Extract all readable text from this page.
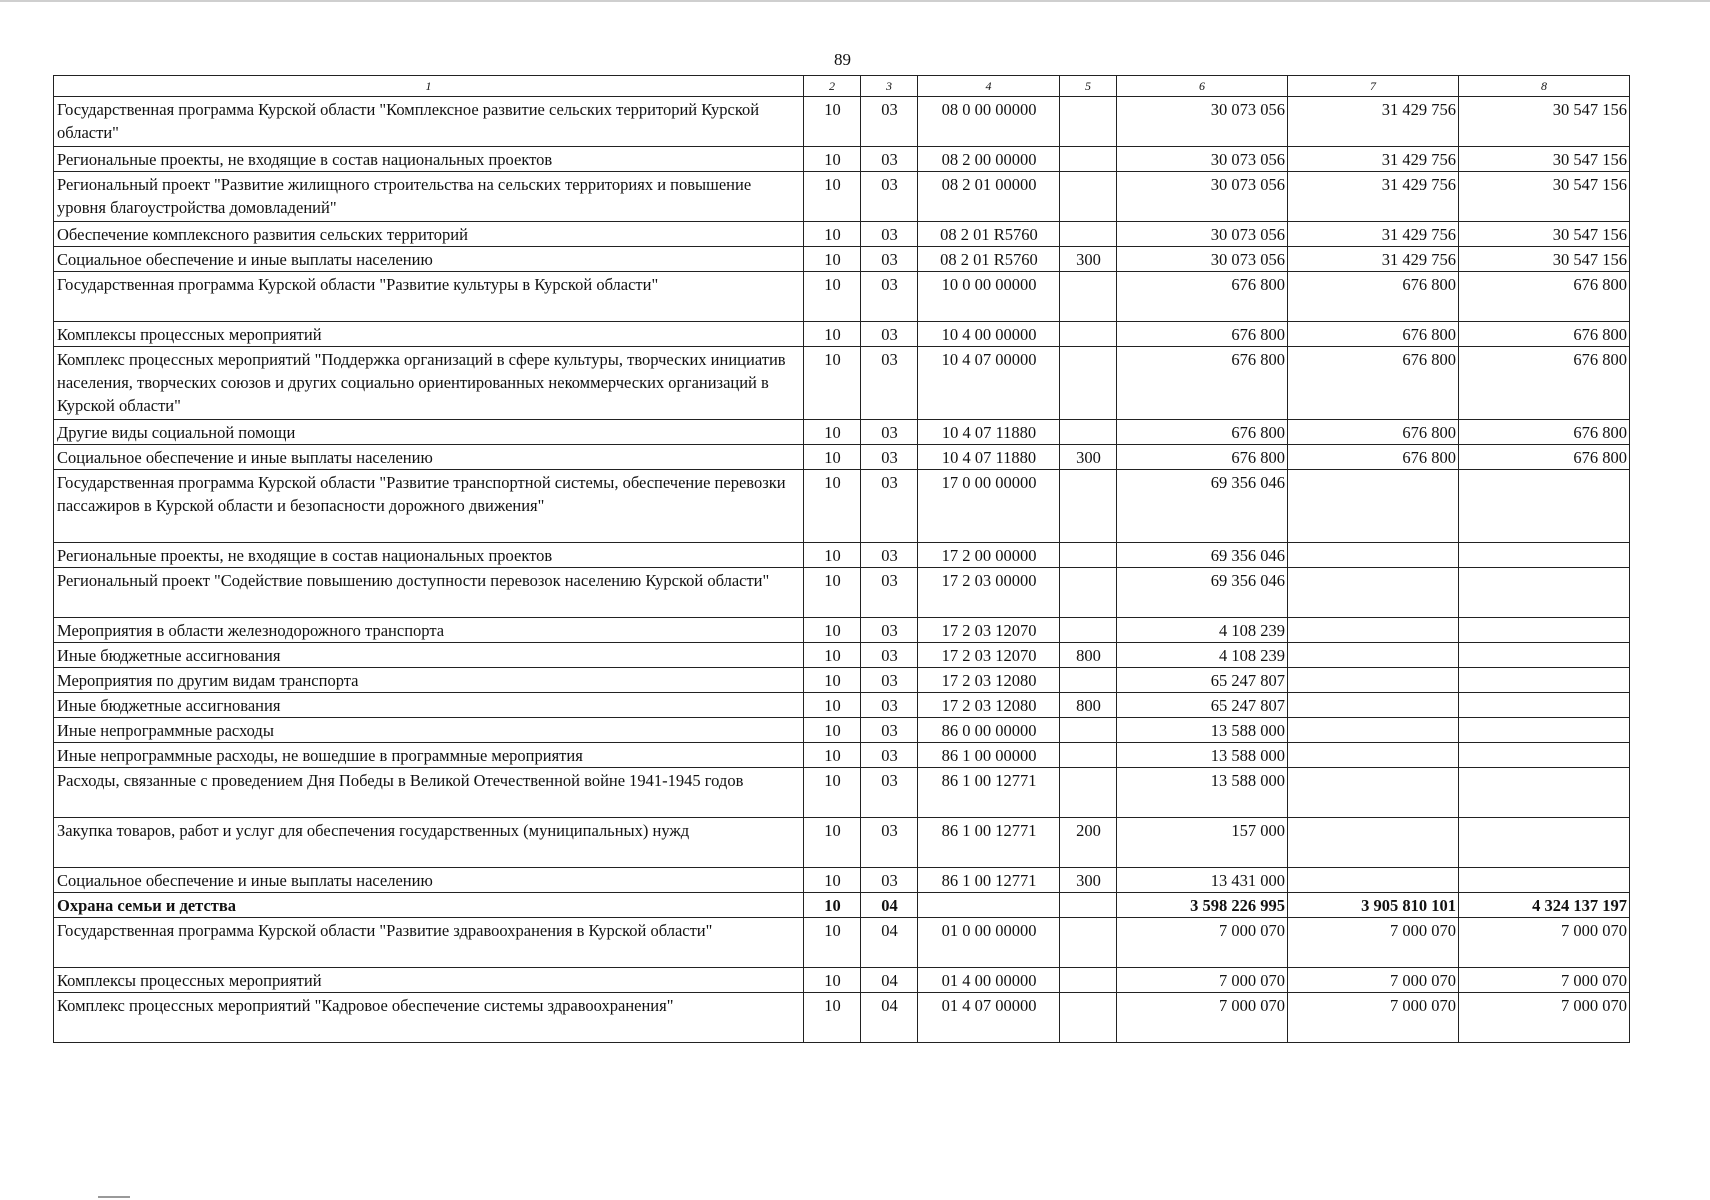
89
1	2	3	4	5	6	7	8
Государственная программа Курской области "Комплексное развитие сельских территорий Курской области"	10	03	08 0 00 00000		30 073 056	31 429 756	30 547 156
Региональные проекты, не входящие в состав национальных проектов	10	03	08 2 00 00000		30 073 056	31 429 756	30 547 156
Региональный проект "Развитие жилищного строительства на сельских территориях и повышение уровня благоустройства домовладений"	10	03	08 2 01 00000		30 073 056	31 429 756	30 547 156
Обеспечение комплексного развития сельских территорий	10	03	08 2 01 R5760		30 073 056	31 429 756	30 547 156
Социальное обеспечение и иные выплаты населению	10	03	08 2 01 R5760	300	30 073 056	31 429 756	30 547 156
Государственная программа Курской области "Развитие культуры в Курской области"	10	03	10 0 00 00000		676 800	676 800	676 800
Комплексы процессных мероприятий	10	03	10 4 00 00000		676 800	676 800	676 800
Комплекс процессных мероприятий "Поддержка организаций в сфере культуры, творческих инициатив населения, творческих союзов и других социально ориентированных некоммерческих организаций в Курской области"	10	03	10 4 07 00000		676 800	676 800	676 800
Другие виды социальной помощи	10	03	10 4 07 11880		676 800	676 800	676 800
Социальное обеспечение и иные выплаты населению	10	03	10 4 07 11880	300	676 800	676 800	676 800
Государственная программа Курской области "Развитие транспортной системы, обеспечение перевозки пассажиров в Курской области и безопасности дорожного движения"	10	03	17 0 00 00000		69 356 046		
Региональные проекты, не входящие в состав национальных проектов	10	03	17 2 00 00000		69 356 046		
Региональный проект "Содействие повышению доступности перевозок населению Курской области"	10	03	17 2 03 00000		69 356 046		
Мероприятия в области железнодорожного транспорта	10	03	17 2 03 12070		4 108 239		
Иные бюджетные ассигнования	10	03	17 2 03 12070	800	4 108 239		
Мероприятия по другим видам транспорта	10	03	17 2 03 12080		65 247 807		
Иные бюджетные ассигнования	10	03	17 2 03 12080	800	65 247 807		
Иные непрограммные расходы	10	03	86 0 00 00000		13 588 000		
Иные непрограммные расходы, не вошедшие в программные мероприятия	10	03	86 1 00 00000		13 588 000		
Расходы, связанные с проведением Дня Победы в Великой Отечественной войне 1941-1945 годов	10	03	86 1 00 12771		13 588 000		
Закупка товаров, работ и услуг для обеспечения государственных (муниципальных) нужд	10	03	86 1 00 12771	200	157 000		
Социальное обеспечение и иные выплаты населению	10	03	86 1 00 12771	300	13 431 000		
Охрана семьи и детства	10	04			3 598 226 995	3 905 810 101	4 324 137 197
Государственная программа Курской области "Развитие здравоохранения в Курской области"	10	04	01 0 00 00000		7 000 070	7 000 070	7 000 070
Комплексы процессных мероприятий	10	04	01 4 00 00000		7 000 070	7 000 070	7 000 070
Комплекс процессных мероприятий "Кадровое обеспечение системы здравоохранения"	10	04	01 4 07 00000		7 000 070	7 000 070	7 000 070
